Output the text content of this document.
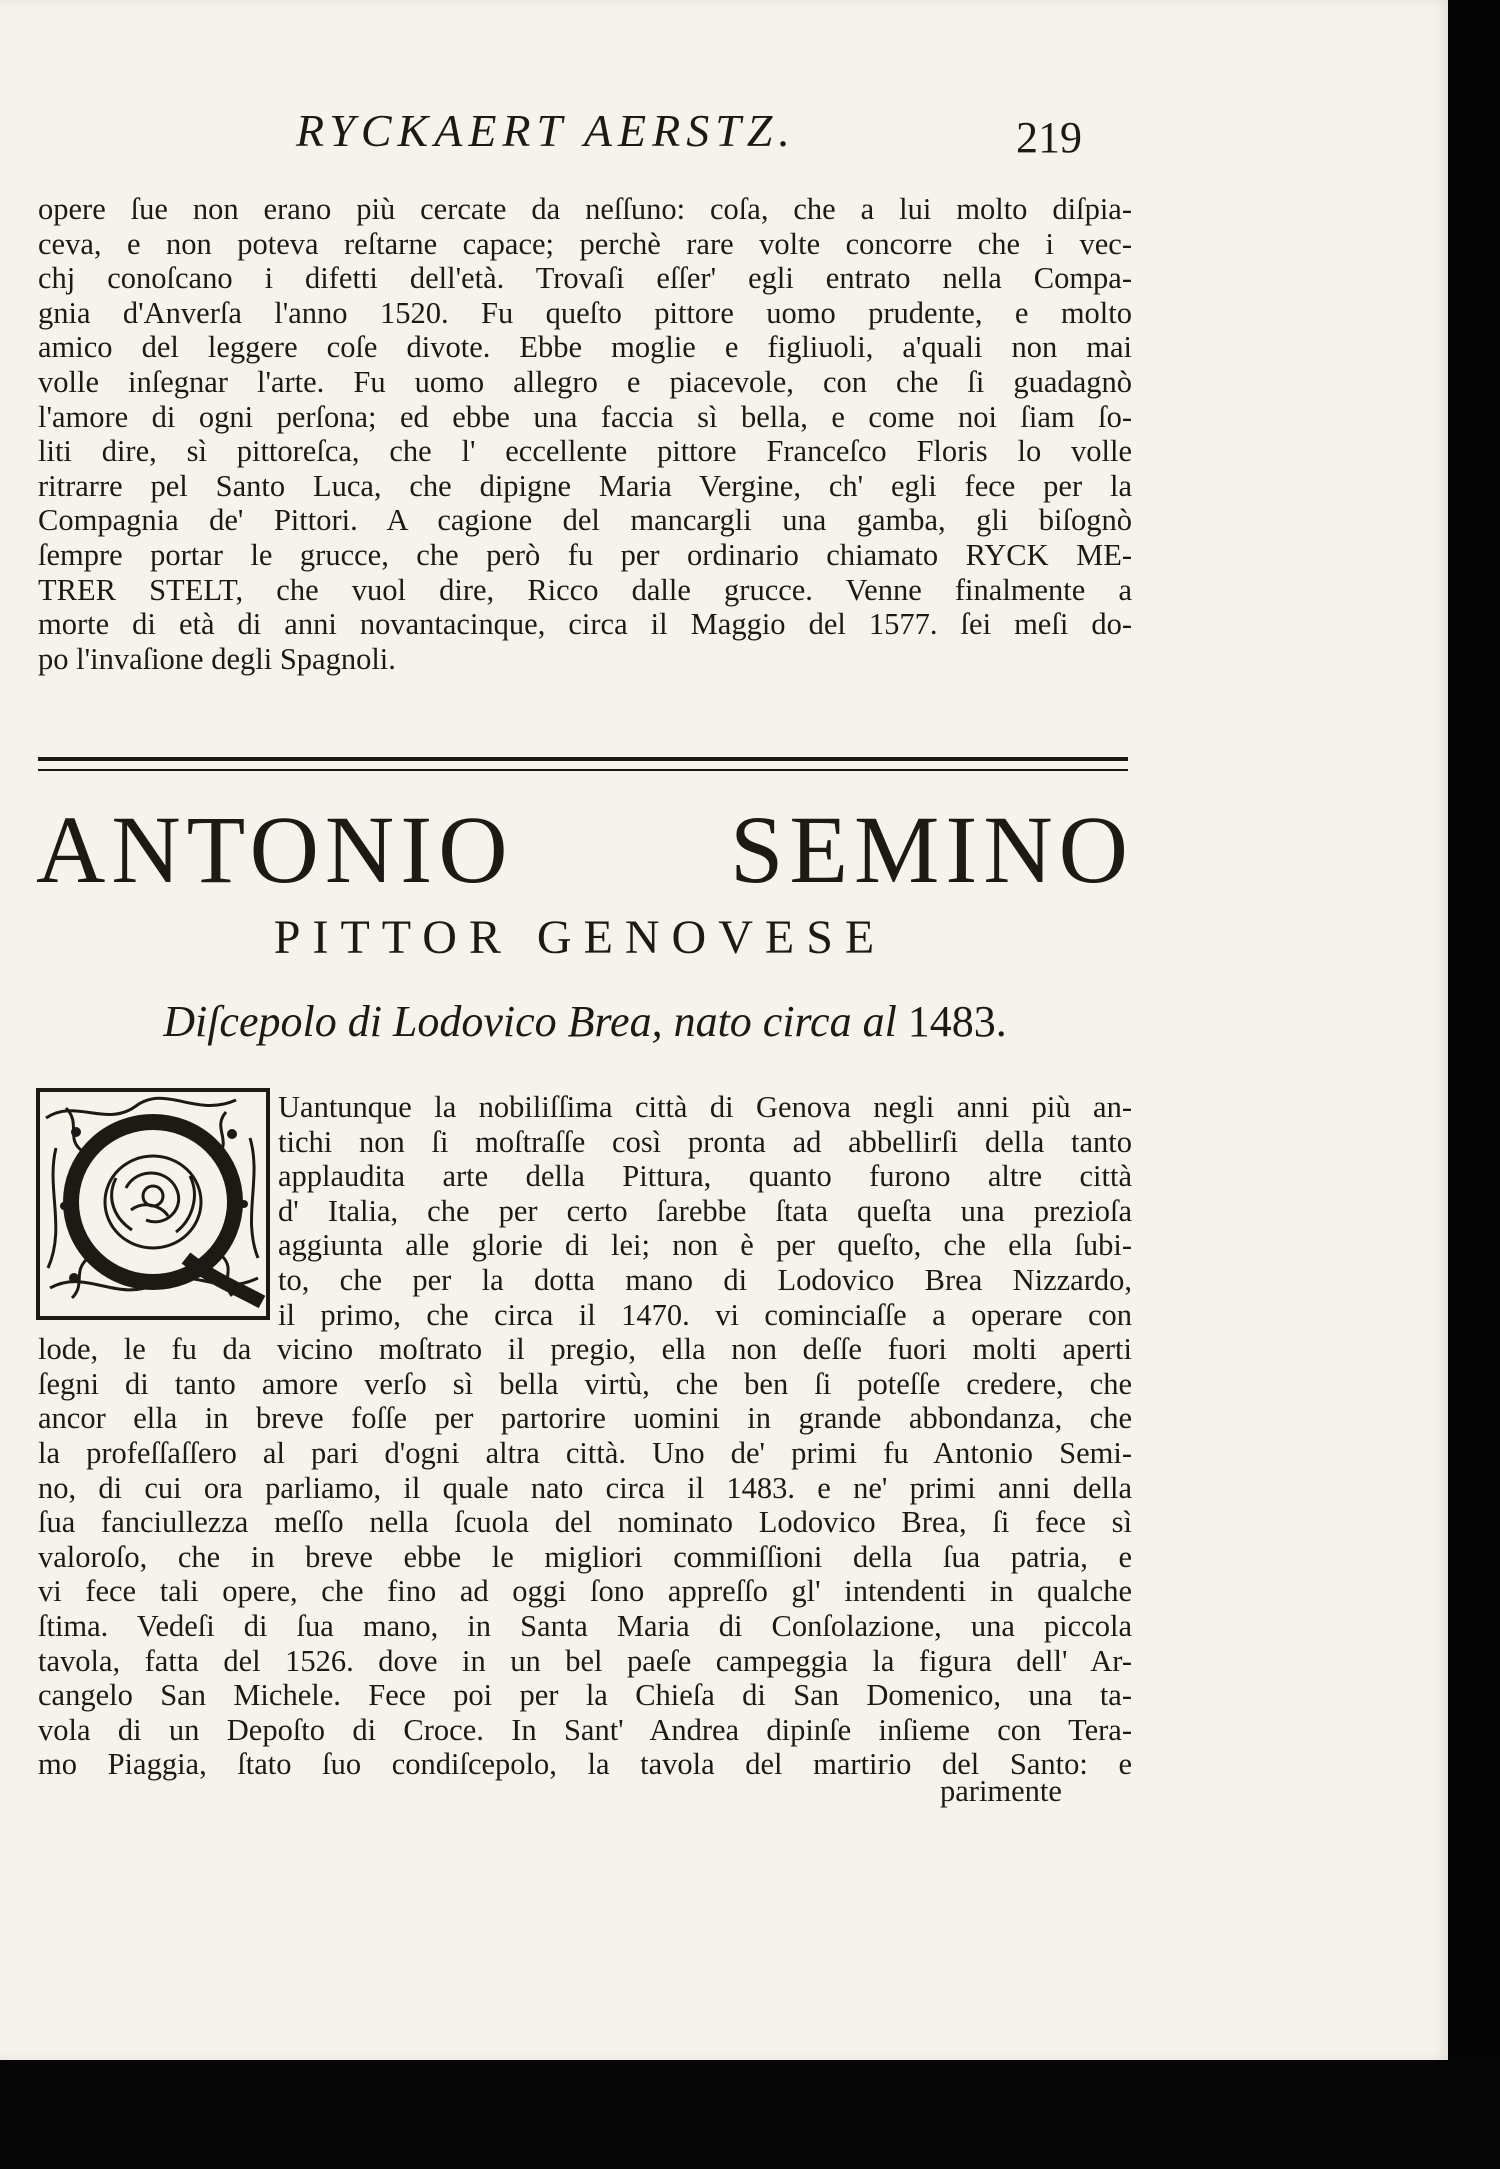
RYCKAERT AERSTZ.	219
opere ſue non erano più cercate da neſſuno: coſa, che a lui molto diſpia-
ceva, e non poteva reſtarne capace; perchè rare volte concorre che i vec-
chj conoſcano i difetti dell'età. Trovaſi eſſer' egli entrato nella Compa-
gnia d'Anverſa l'anno 1520. Fu queſto pittore uomo prudente, e molto
amico del leggere coſe divote. Ebbe moglie e figliuoli, a'quali non mai
volle inſegnar l'arte. Fu uomo allegro e piacevole, con che ſi guadagnò
l'amore di ogni perſona; ed ebbe una faccia sì bella, e come noi ſiam ſo-
liti dire, sì pittoreſca, che l' eccellente pittore Franceſco Floris lo volle
ritrarre pel Santo Luca, che dipigne Maria Vergine, ch' egli fece per la
Compagnia de' Pittori. A cagione del mancargli una gamba, gli biſognò
ſempre portar le grucce, che però fu per ordinario chiamato RYCK ME-
TRER STELT, che vuol dire, Ricco dalle grucce. Venne finalmente a
morte di età di anni novantacinque, circa il Maggio del 1577. ſei meſi do-
po l'invaſione degli Spagnoli.
ANTONIO SEMINO
PITTOR GENOVESE
Diſcepolo di Lodovico Brea, nato circa al 1483.
Uantunque la nobiliſſima città di Genova negli anni più an-
tichi non ſi moſtraſſe così pronta ad abbellirſi della tanto
applaudita arte della Pittura, quanto furono altre città
d' Italia, che per certo ſarebbe ſtata queſta una prezioſa
aggiunta alle glorie di lei; non è per queſto, che ella ſubi-
to, che per la dotta mano di Lodovico Brea Nizzardo,
il primo, che circa il 1470. vi cominciaſſe a operare con
lode, le fu da vicino moſtrato il pregio, ella non deſſe fuori molti aperti
ſegni di tanto amore verſo sì bella virtù, che ben ſi poteſſe credere, che
ancor ella in breve foſſe per partorire uomini in grande abbondanza, che
la profeſſaſſero al pari d'ogni altra città. Uno de' primi fu Antonio Semi-
no, di cui ora parliamo, il quale nato circa il 1483. e ne' primi anni della
ſua fanciullezza meſſo nella ſcuola del nominato Lodovico Brea, ſi fece sì
valoroſo, che in breve ebbe le migliori commiſſioni della ſua patria, e
vi fece tali opere, che fino ad oggi ſono appreſſo gl' intendenti in qualche
ſtima. Vedeſi di ſua mano, in Santa Maria di Conſolazione, una piccola
tavola, fatta del 1526. dove in un bel paeſe campeggia la figura dell' Ar-
cangelo San Michele. Fece poi per la Chieſa di San Domenico, una ta-
vola di un Depoſto di Croce. In Sant' Andrea dipinſe inſieme con Tera-
mo Piaggia, ſtato ſuo condiſcepolo, la tavola del martirio del Santo: e
parimente
